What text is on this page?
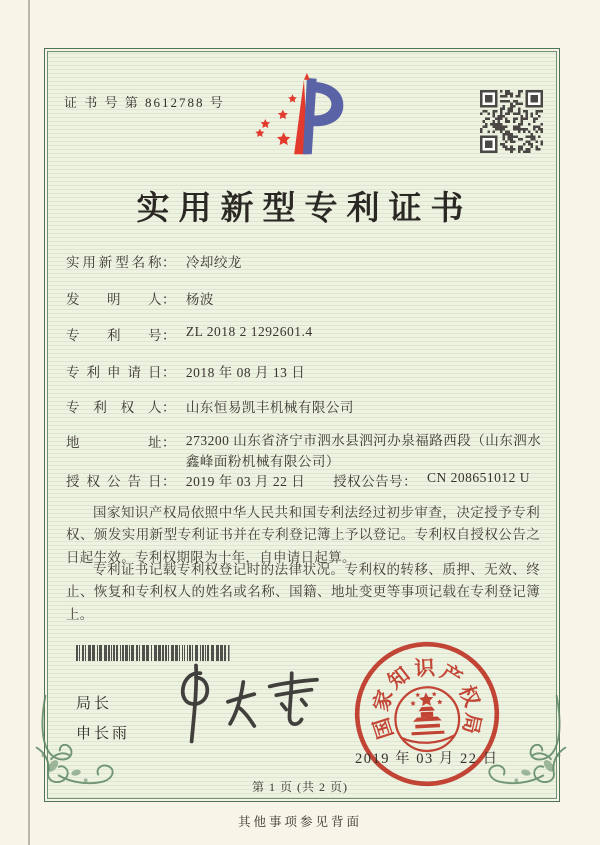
证 书 号 第 8612788 号
实用新型专利证书
实用新型名称： 冷却绞龙
发明人： 杨波
专利号： ZL 2018 2 1292601.4
专利申请日： 2018 年 08 月 13 日
专利权人： 山东恒易凯丰机械有限公司
地址： 273200 山东省济宁市泗水县泗河办泉福路西段（山东泗水鑫峰面粉机械有限公司）
授权公告日： 2019 年 03 月 22 日 授权公告号： CN 208651012 U
国家知识产权局依照中华人民共和国专利法经过初步审查，决定授予专利权、颁发实用新型专利证书并在专利登记簿上予以登记。专利权自授权公告之日起生效。专利权期限为十年，自申请日起算。
专利证书记载专利权登记时的法律状况。专利权的转移、质押、无效、终止、恢复和专利权人的姓名或名称、国籍、地址变更等事项记载在专利登记簿上。
局长
申长雨	国
家
知 识 产
权
局
2019 年 03 月 22 日
第 1 页 (共 2 页)
其他事项参见背面
